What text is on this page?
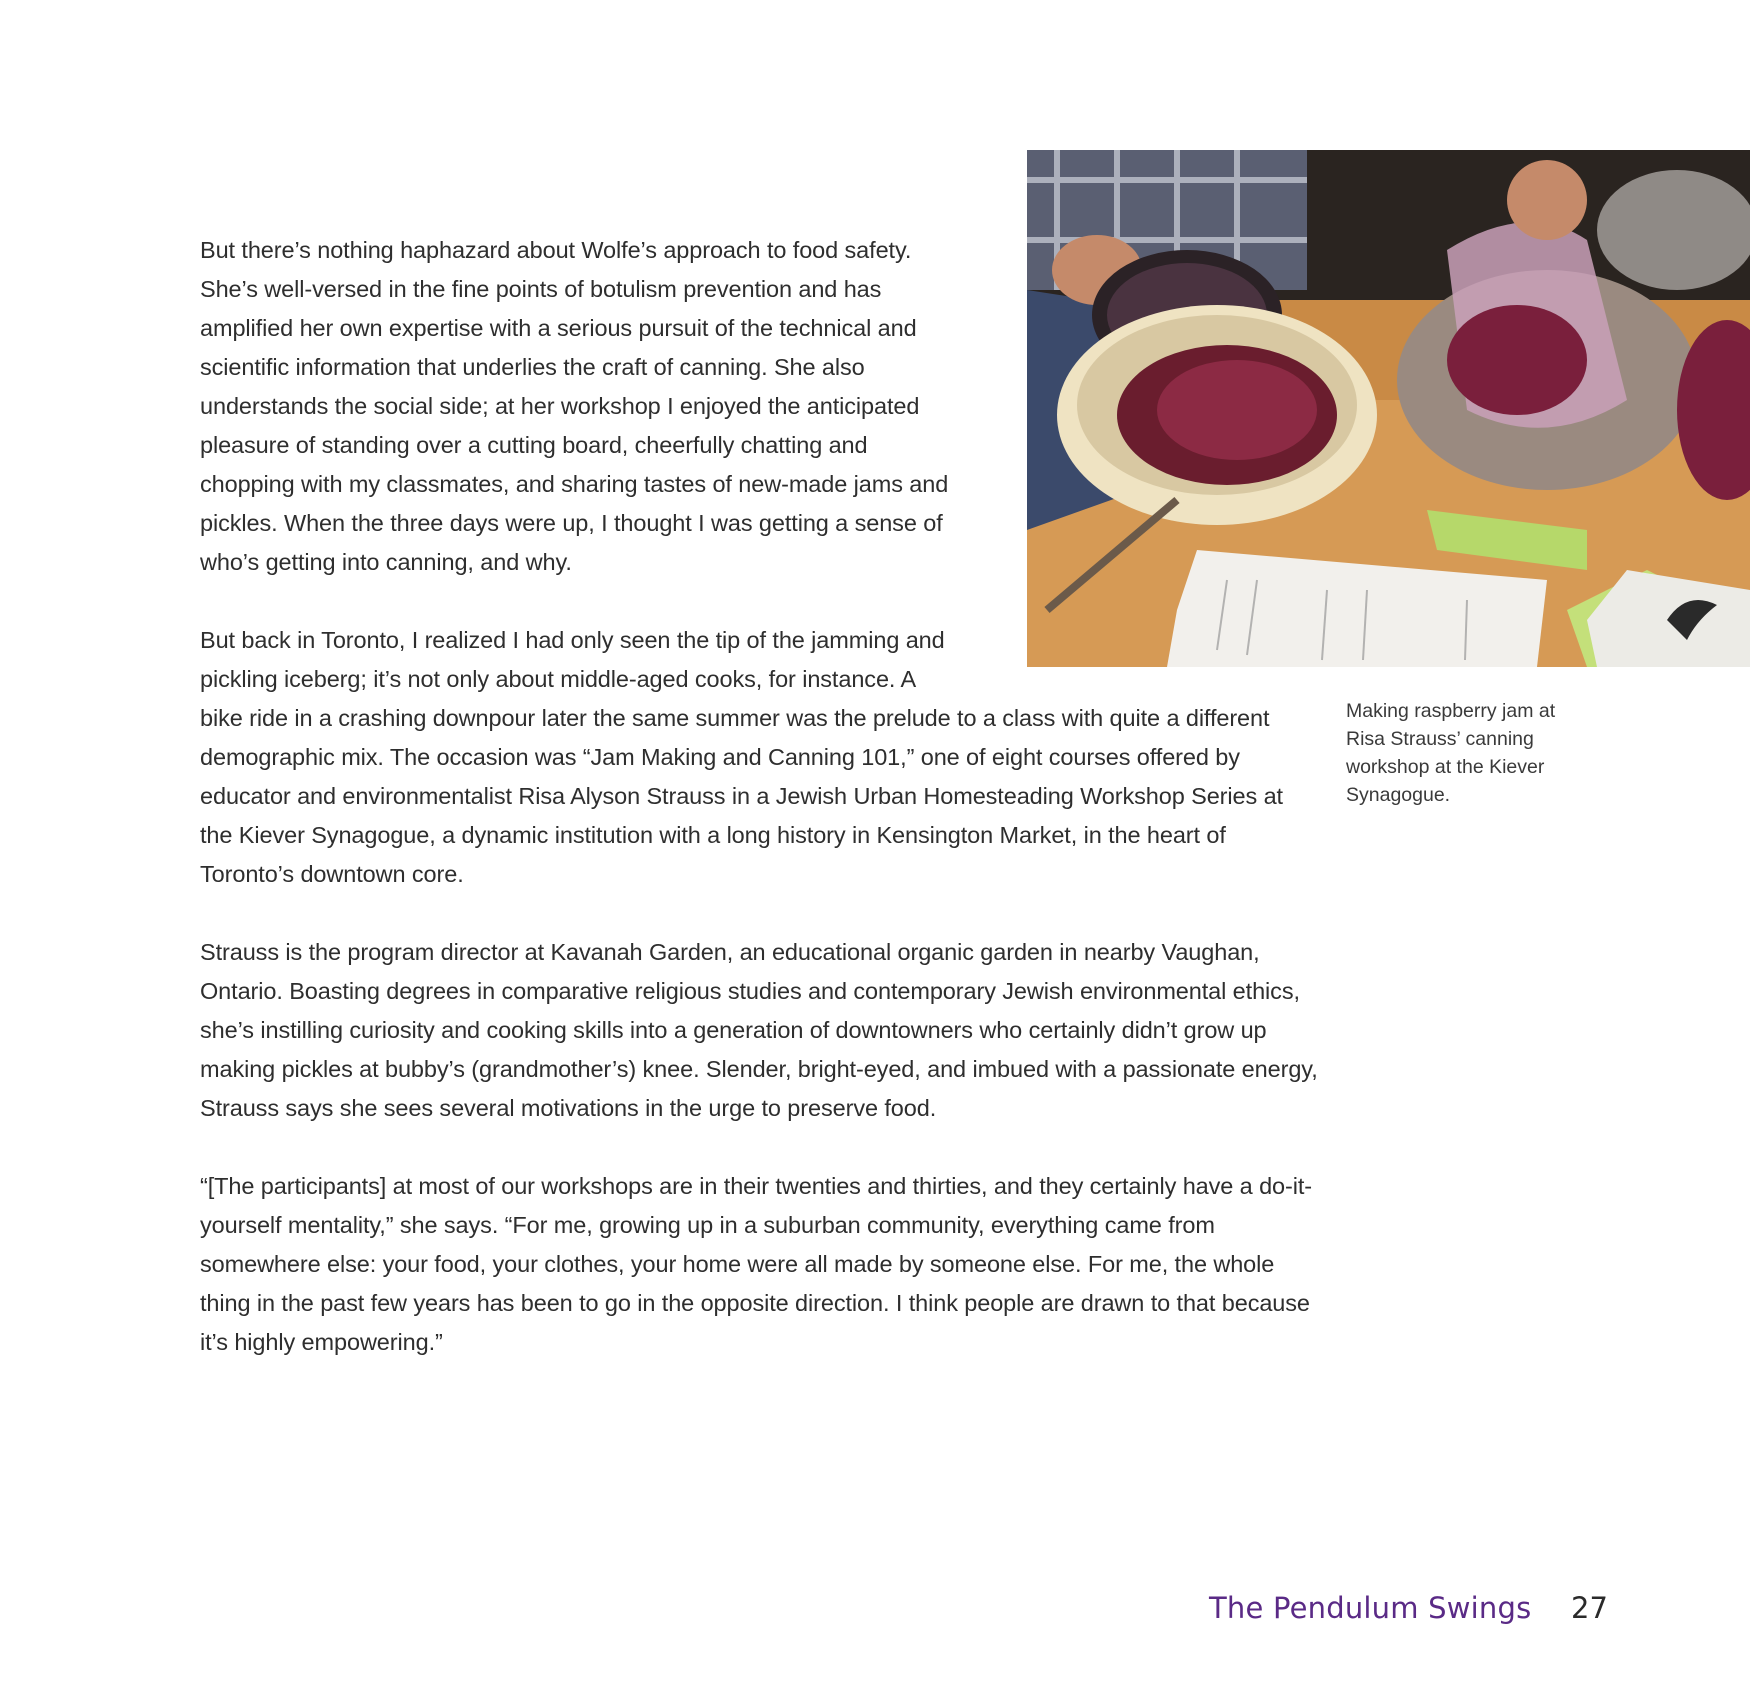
But there’s nothing haphazard about Wolfe’s approach to food safety. She’s well-versed in the fine points of botulism prevention and has amplified her own expertise with a serious pursuit of the technical and scientific information that underlies the craft of canning. She also understands the social side; at her workshop I enjoyed the anticipated pleasure of standing over a cutting board, cheerfully chatting and chopping with my classmates, and sharing tastes of new-made jams and pickles. When the three days were up, I thought I was getting a sense of who’s getting into canning, and why.

But back in Toronto, I realized I had only seen the tip of the jamming and pickling iceberg; it’s not only about middle-aged cooks, for instance. A bike ride in a crashing downpour later the same summer was the prelude to a class with quite a different demographic mix. The occasion was “Jam Making and Canning 101,” one of eight courses offered by educator and environmentalist Risa Alyson Strauss in a Jewish Urban Homesteading Workshop Series at the Kiever Synagogue, a dynamic institution with a long history in Kensington Market, in the heart of Toronto’s downtown core.

Strauss is the program director at Kavanah Garden, an educational organic garden in nearby Vaughan, Ontario. Boasting degrees in comparative religious studies and contemporary Jewish environmental ethics, she’s instilling curiosity and cooking skills into a generation of downtowners who certainly didn’t grow up making pickles at bubby’s (grandmother’s) knee. Slender, bright-eyed, and imbued with a passionate energy, Strauss says she sees several motivations in the urge to preserve food.

“[The participants] at most of our workshops are in their twenties and thirties, and they certainly have a do-it-yourself mentality,” she says. “For me, growing up in a suburban community, everything came from somewhere else: your food, your clothes, your home were all made by someone else. For me, the whole thing in the past few years has been to go in the opposite direction. I think people are drawn to that because it’s highly empowering.”

Making raspberry jam at Risa Strauss’ canning workshop at the Kiever Synagogue.
The Pendulum Swings 27
